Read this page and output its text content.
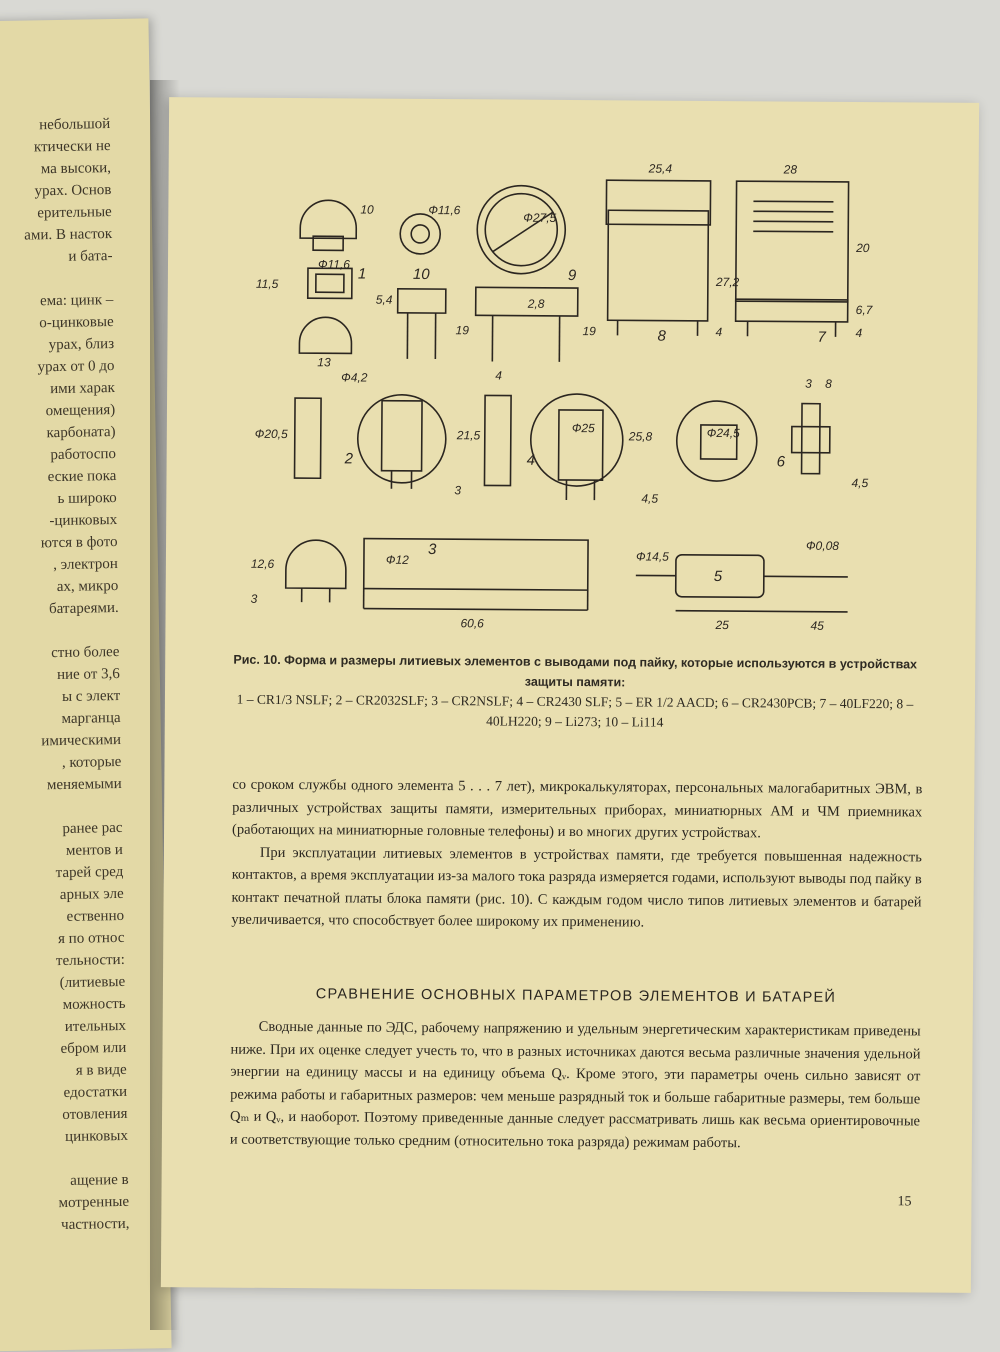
небольшой
ктически не
ма высоки,
урах. Основ
ерительные
ами. В насток
и бата-
ема: цинк –
о-цинковые
урах, близ
урах от 0 до
ими харак
омещения)
карбоната)
работоспо
еские пока
ь широко
-цинковых
ются в фото
, электрон
ах, микро
батареями.
стно более
ние от 3,6
ы с элект
марганца
имическими
, которые
меняемыми
ранее рас
ментов и
тарей сред
арных эле
ественно
я по относ
тельности:
(литиевые
можность
ительных
ебром или
я в виде
едостатки
отовления
цинковых
ащение в
мотренные
частности,
25,4	28
10	Ф11,6
Ф27,5
11,5
Ф11,6
27,2
20
5,4
19
2,8
19
6,7
4	4
13
Ф4,2	4
3 8
Ф20,5	21,5
Ф25
25,8	Ф24,5
3
4,5
4,5
12,6	Ф12
3
60,6
Ф14,5
Ф0,08
25	45
1
2
3
4
5
6
7
8
9
10
Рис. 10. Форма и размеры литиевых элементов с выводами под пайку, которые используются в устройствах защиты памяти:
1 – CR1/3 NSLF; 2 – CR2032SLF; 3 – CR2NSLF; 4 – CR2430 SLF; 5 – ER 1/2 AACD; 6 – CR2430PCB; 7 – 40LF220; 8 – 40LH220; 9 – Li273; 10 – Li114

со сроком службы одного элемента 5 . . . 7 лет), микрокалькуляторах, персональных малогабаритных ЭВМ, в различных устройствах защиты памяти, измерительных приборах, миниатюрных АМ и ЧМ приемниках (работающих на миниатюрные головные телефоны) и во многих других устройствах.

При эксплуатации литиевых элементов в устройствах памяти, где требуется повышенная надежность контактов, а время эксплуатации из-за малого тока разряда измеряется годами, используют выводы под пайку в контакт печатной платы блока памяти (рис. 10). С каждым годом число типов литиевых элементов и батарей увеличивается, что способствует более широкому их применению.

СРАВНЕНИЕ ОСНОВНЫХ ПАРАМЕТРОВ ЭЛЕМЕНТОВ И БАТАРЕЙ

Сводные данные по ЭДС, рабочему напряжению и удельным энергетическим характеристикам приведены ниже. При их оценке следует учесть то, что в разных источниках даются весьма различные значения удельной энергии на единицу массы и на единицу объема Qᵥ. Кроме этого, эти параметры очень сильно зависят от режима работы и габаритных размеров: чем меньше разрядный ток и больше габаритные размеры, тем больше Qₘ и Qᵥ, и наоборот. Поэтому приведенные данные следует рассматривать лишь как весьма ориентировочные и соответствующие только средним (относительно тока разряда) режимам работы.

15
